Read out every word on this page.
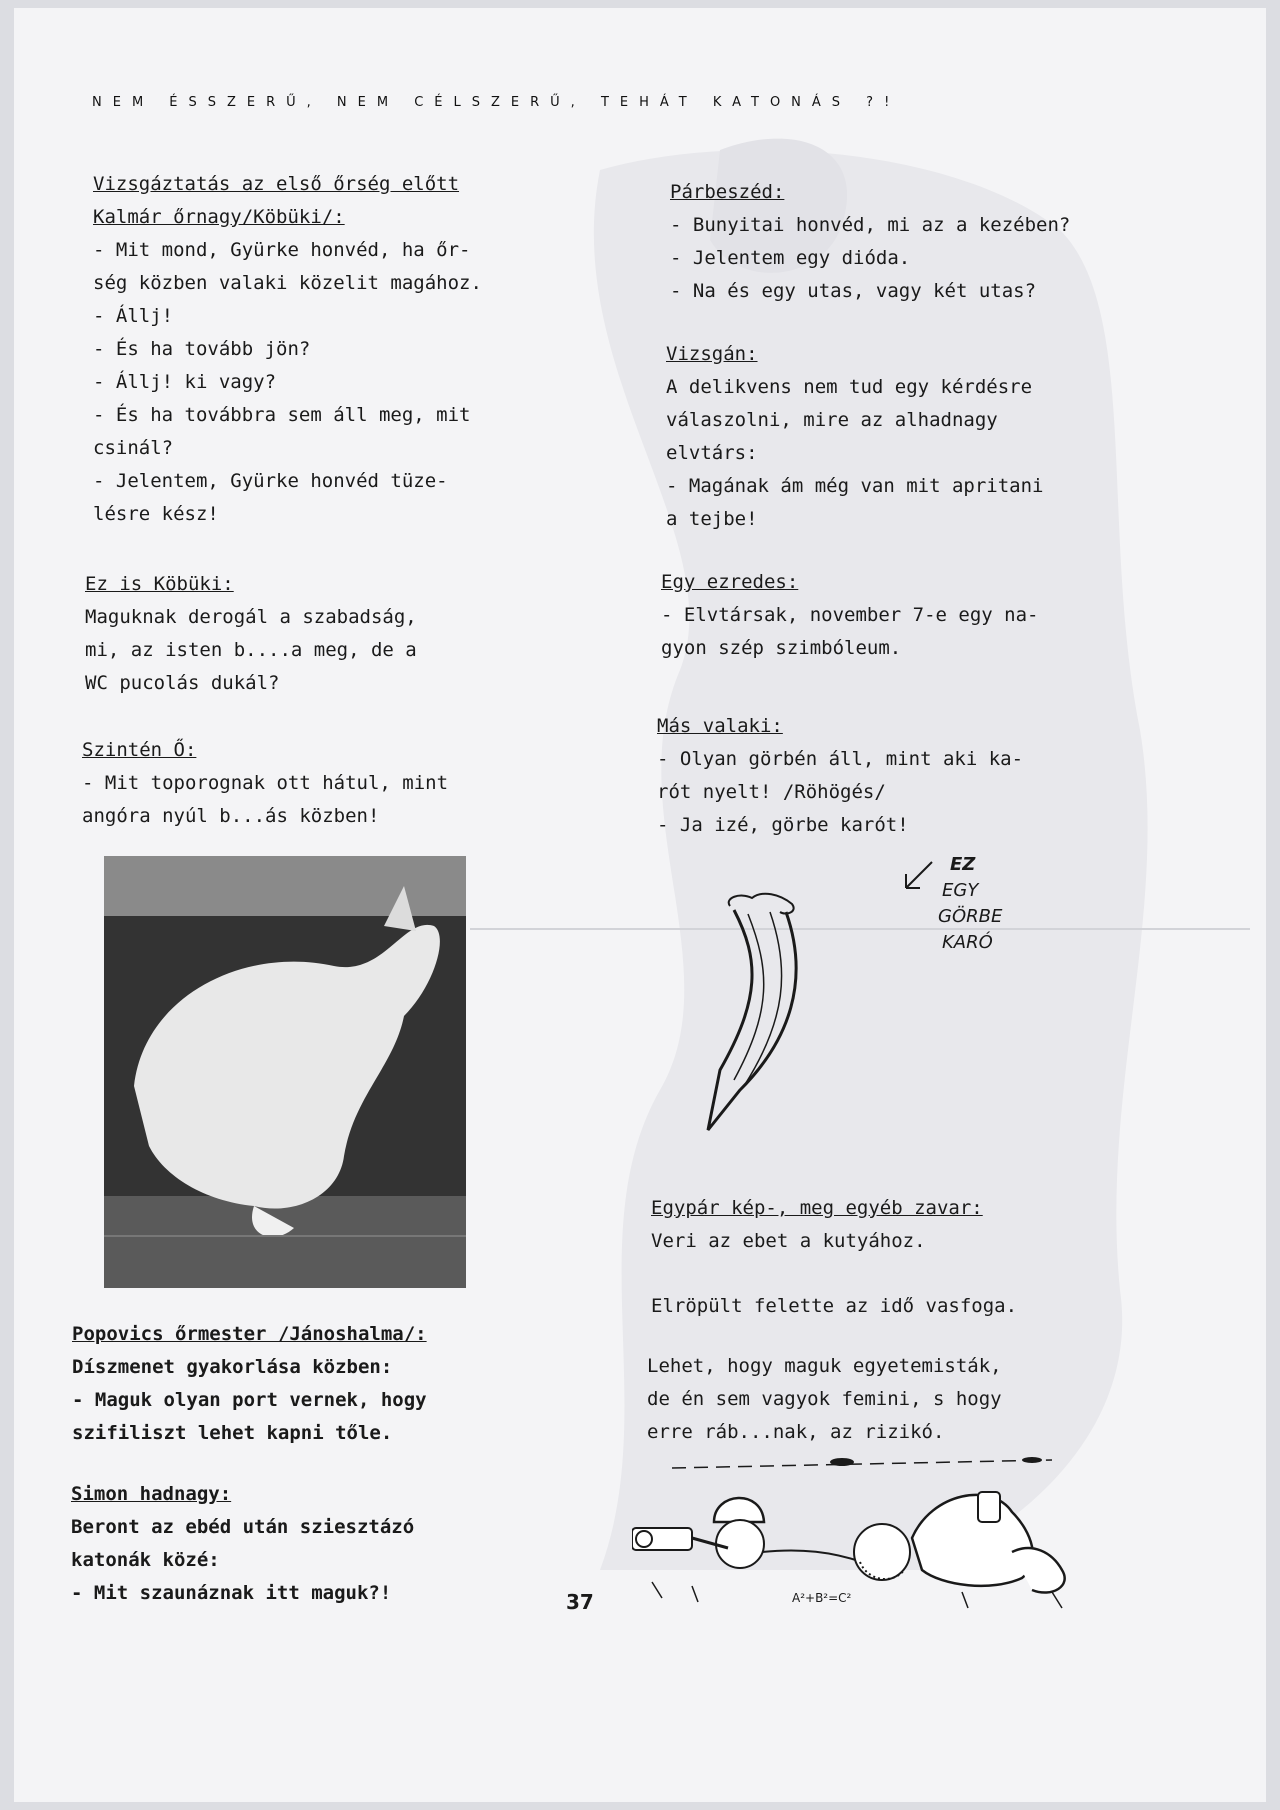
NEM ÉSSZERŰ, NEM CÉLSZERŰ, TEHÁT KATONÁS ?!
Vizsgáztatás az első őrség előtt
Kalmár őrnagy/Köbüki/:
- Mit mond, Gyürke honvéd, ha őr-
ség közben valaki közelit magához.
- Állj!
- És ha tovább jön?
- Állj! ki vagy?
- És ha továbbra sem áll meg, mit
csinál?
- Jelentem, Gyürke honvéd tüze-
lésre kész!
Ez is Köbüki:
Maguknak derogál a szabadság,
mi, az isten b....a meg, de a
WC pucolás dukál?
Szintén Ő:
- Mit toporognak ott hátul, mint
angóra nyúl b...ás közben!
Popovics őrmester /Jánoshalma/:
Díszmenet gyakorlása közben:
- Maguk olyan port vernek, hogy
szifiliszt lehet kapni tőle.
Simon hadnagy:
Beront az ebéd után sziesztázó
katonák közé:
- Mit szaunáznak itt maguk?!
Párbeszéd:
- Bunyitai honvéd, mi az a kezében?
- Jelentem egy dióda.
- Na és egy utas, vagy két utas?
Vizsgán:
A delikvens nem tud egy kérdésre
válaszolni, mire az alhadnagy
elvtárs:
- Magának ám még van mit apritani
a tejbe!
Egy ezredes:
- Elvtársak, november 7-e egy na-
gyon szép szimbóleum.
Más valaki:
- Olyan görbén áll, mint aki ka-
rót nyelt! /Röhögés/
- Ja izé, görbe karót!
EZ
EGY
GÖRBE
KARÓ
Egypár kép-, meg egyéb zavar:
Veri az ebet a kutyához.
Elröpült felette az idő vasfoga.
Lehet, hogy maguk egyetemisták,
de én sem vagyok femini, s hogy
erre ráb...nak, az rizikó.
A²+B²=C²
37
